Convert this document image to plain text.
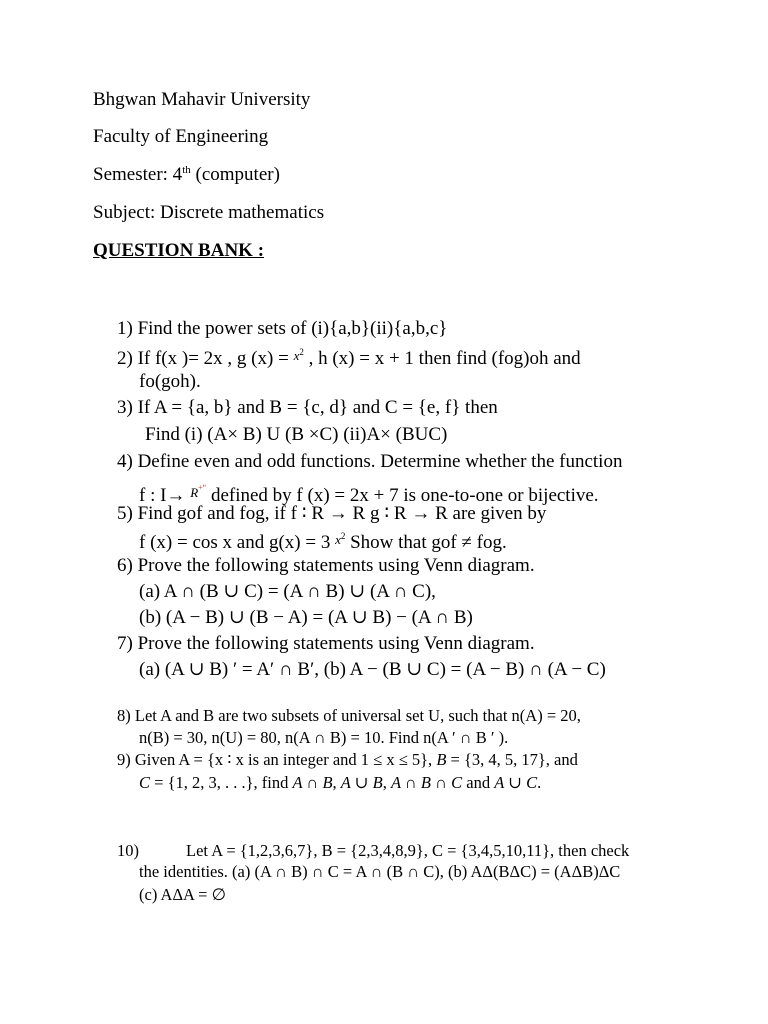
Bhgwan Mahavir University
Faculty of Engineering
Semester: 4th (computer)
Subject: Discrete mathematics
QUESTION BANK :
1) Find the power sets of (i){a,b}(ii){a,b,c}
2) If f(x )= 2x , g (x) = $^{x2}$ , h (x) = x + 1 then find (fog)oh and
fo(goh).
3) If A = {a, b} and B = {c, d} and C = {e, f} then
Find (i) (A× B) U (B ×C) (ii)A× (BUC)
4) Define even and odd functions. Determine whether the function
f : I→ $^{R+“}$ defined by f (x) = 2x + 7 is one-to-one or bijective.
5) Find gof and fog, if f ∶ R → R g ∶ R → R are given by
f (x) = cos x and g(x) = 3 $^{x2}$ Show that gof ≠ fog.
6) Prove the following statements using Venn diagram.
(a) A ∩ (B ∪ C) = (A ∩ B) ∪ (A ∩ C),
(b) (A − B) ∪ (B − A) = (A ∪ B) − (A ∩ B)
7) Prove the following statements using Venn diagram.
(a) (A ∪ B) ′ = A′ ∩ B′, (b) A − (B ∪ C) = (A − B) ∩ (A − C)
8) Let A and B are two subsets of universal set U, such that n(A) = 20,
n(B) = 30, n(U) = 80, n(A ∩ B) = 10. Find n(A ′ ∩ B ′ ).
9) Given A = {x ∶ x is an integer and 1 ≤ x ≤ 5}, B = {3, 4, 5, 17}, and
C = {1, 2, 3, . . .}, find A ∩ B, A ∪ B, A ∩ B ∩ C and A ∪ C.
10)	Let A = {1,2,3,6,7}, B = {2,3,4,8,9}, C = {3,4,5,10,11}, then check
the identities. (a) (A ∩ B) ∩ C = A ∩ (B ∩ C), (b) AΔ(BΔC) = (AΔB)ΔC
(c) AΔA = ∅
